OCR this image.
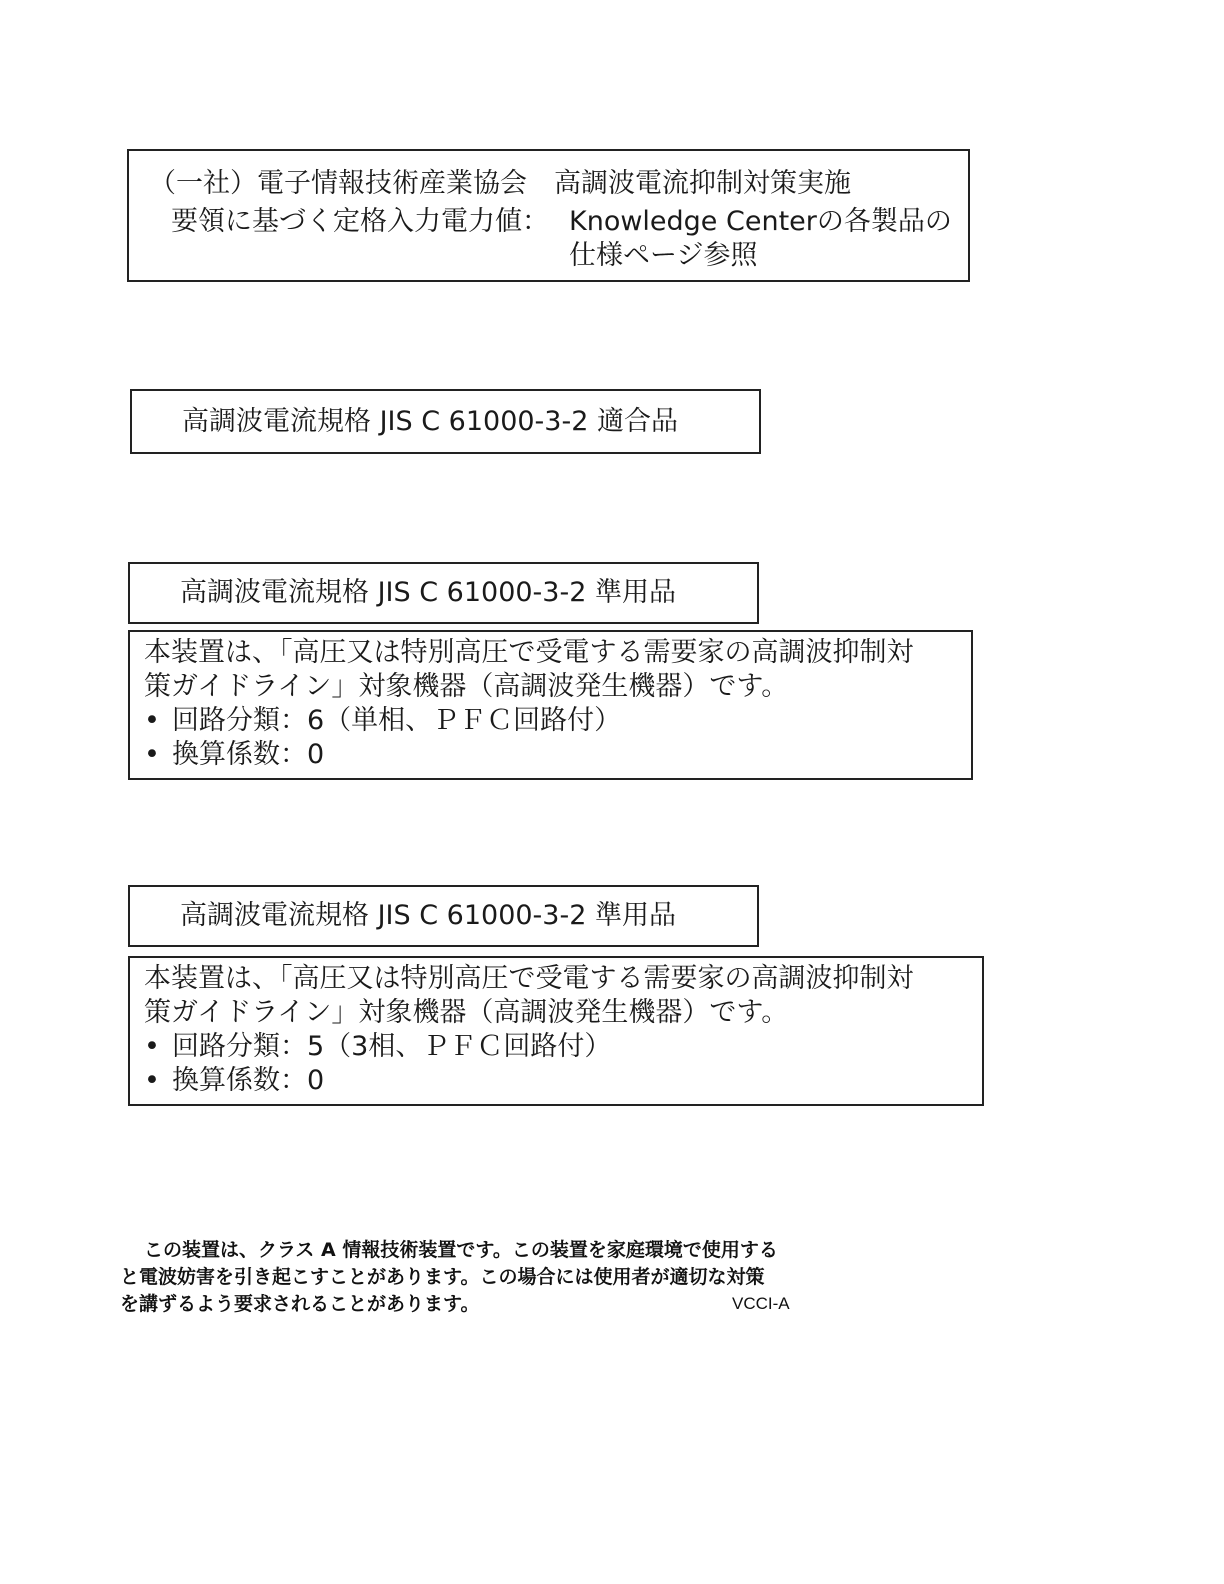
（一社）電子情報技術産業協会　高調波電流抑制対策実施
要領に基づく定格入力電力値： Knowledge Centerの各製品の
仕様ページ参照
高調波電流規格 JIS C 61000-3-2 適合品
高調波電流規格 JIS C 61000-3-2 準用品

本装置は、「高圧又は特別高圧で受電する需要家の高調波抑制対

策ガイドライン」対象機器（高調波発生機器）です。

• 回路分類：6（単相、ＰＦＣ回路付）
• 換算係数：0
高調波電流規格 JIS C 61000-3-2 準用品

本装置は、「高圧又は特別高圧で受電する需要家の高調波抑制対

策ガイドライン」対象機器（高調波発生機器）です。

• 回路分類：5（3相、ＰＦＣ回路付）
• 換算係数：0
この装置は、クラス A 情報技術装置です。この装置を家庭環境で使用する
と電波妨害を引き起こすことがあります。この場合には使用者が適切な対策
を講ずるよう要求されることがあります。	VCCI-A
